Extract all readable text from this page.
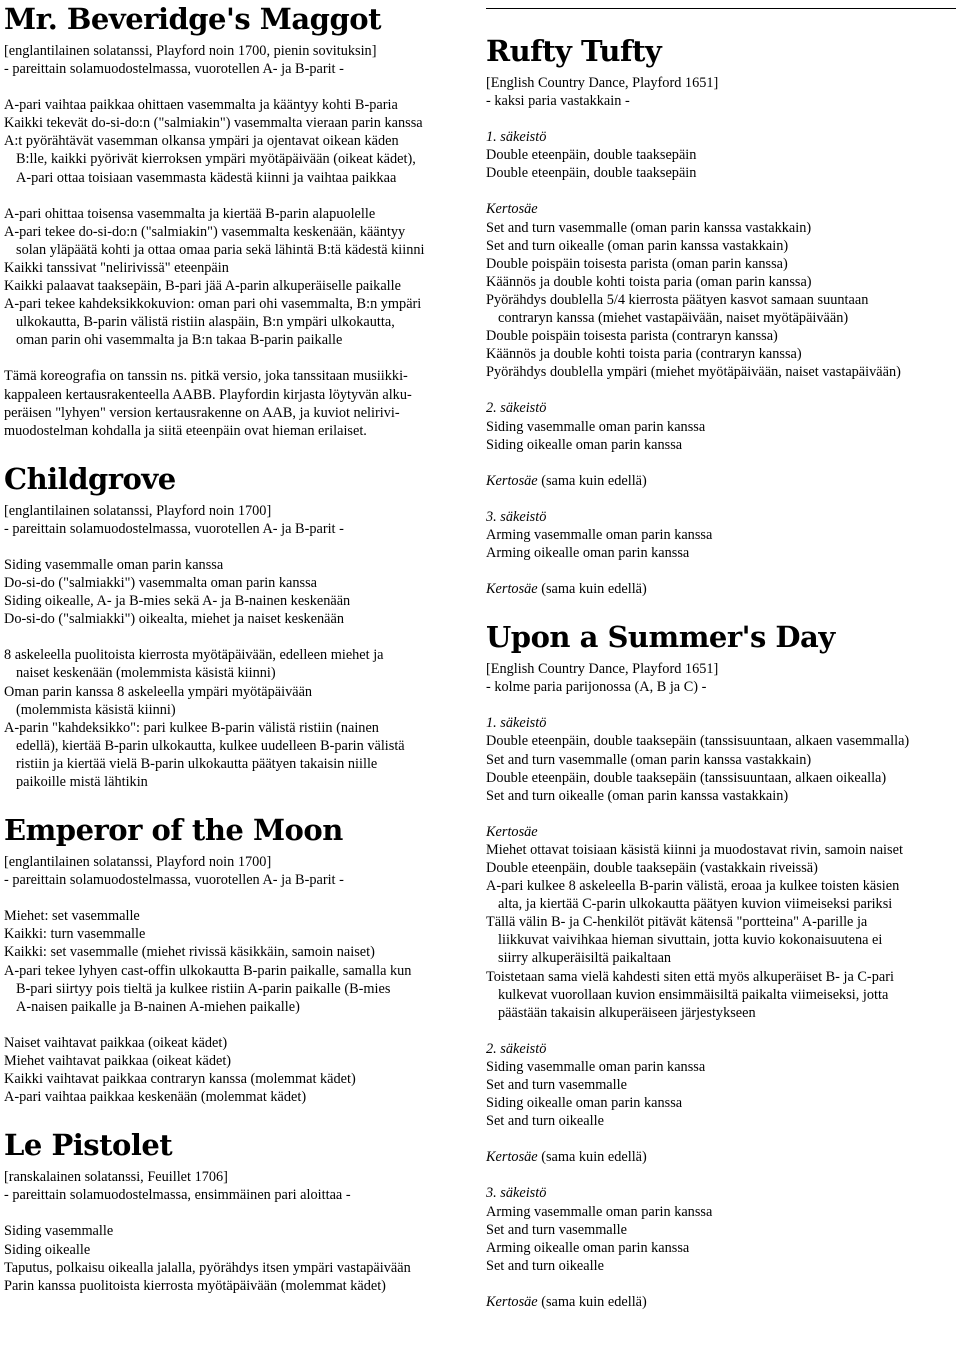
Mr. Beveridge's Maggot
[englantilainen solatanssi, Playford noin 1700, pienin sovituksin]
- pareittain solamuodostelmassa, vuorotellen A- ja B-parit -
A-pari vaihtaa paikkaa ohittaen vasemmalta ja kääntyy kohti B-paria
Kaikki tekevät do-si-do:n ("salmiakin") vasemmalta vieraan parin kanssa
A:t pyörähtävät vasemman olkansa ympäri ja ojentavat oikean käden
B:lle, kaikki pyörivät kierroksen ympäri myötäpäivään (oikeat kädet),
A-pari ottaa toisiaan vasemmasta kädestä kiinni ja vaihtaa paikkaa
A-pari ohittaa toisensa vasemmalta ja kiertää B-parin alapuolelle
A-pari tekee do-si-do:n ("salmiakin") vasemmalta keskenään, kääntyy
solan yläpäätä kohti ja ottaa omaa paria sekä lähintä B:tä kädestä kiinni
Kaikki tanssivat "nelirivissä" eteenpäin
Kaikki palaavat taaksepäin, B-pari jää A-parin alkuperäiselle paikalle
A-pari tekee kahdeksikkokuvion: oman pari ohi vasemmalta, B:n ympäri
ulkokautta, B-parin välistä ristiin alaspäin, B:n ympäri ulkokautta,
oman parin ohi vasemmalta ja B:n takaa B-parin paikalle
Tämä koreografia on tanssin ns. pitkä versio, joka tanssitaan musiikki-
kappaleen kertausrakenteella AABB. Playfordin kirjasta löytyvän alku-
peräisen "lyhyen" version kertausrakenne on AAB, ja kuviot nelirivi-
muodostelman kohdalla ja siitä eteenpäin ovat hieman erilaiset.
Childgrove
[englantilainen solatanssi, Playford noin 1700]
- pareittain solamuodostelmassa, vuorotellen A- ja B-parit -
Siding vasemmalle oman parin kanssa
Do-si-do ("salmiakki") vasemmalta oman parin kanssa
Siding oikealle, A- ja B-mies sekä A- ja B-nainen keskenään
Do-si-do ("salmiakki") oikealta, miehet ja naiset keskenään
8 askeleella puolitoista kierrosta myötäpäivään, edelleen miehet ja
naiset keskenään (molemmista käsistä kiinni)
Oman parin kanssa 8 askeleella ympäri myötäpäivään
(molemmista käsistä kiinni)
A-parin "kahdeksikko": pari kulkee B-parin välistä ristiin (nainen
edellä), kiertää B-parin ulkokautta, kulkee uudelleen B-parin välistä
ristiin ja kiertää vielä B-parin ulkokautta päätyen takaisin niille
paikoille mistä lähtikin
Emperor of the Moon
[englantilainen solatanssi, Playford noin 1700]
- pareittain solamuodostelmassa, vuorotellen A- ja B-parit -
Miehet: set vasemmalle
Kaikki: turn vasemmalle
Kaikki: set vasemmalle (miehet rivissä käsikkäin, samoin naiset)
A-pari tekee lyhyen cast-offin ulkokautta B-parin paikalle, samalla kun
B-pari siirtyy pois tieltä ja kulkee ristiin A-parin paikalle (B-mies
A-naisen paikalle ja B-nainen A-miehen paikalle)
Naiset vaihtavat paikkaa (oikeat kädet)
Miehet vaihtavat paikkaa (oikeat kädet)
Kaikki vaihtavat paikkaa contraryn kanssa (molemmat kädet)
A-pari vaihtaa paikkaa keskenään (molemmat kädet)
Le Pistolet
[ranskalainen solatanssi, Feuillet 1706]
- pareittain solamuodostelmassa, ensimmäinen pari aloittaa -
Siding vasemmalle
Siding oikealle
Taputus, polkaisu oikealla jalalla, pyörähdys itsen ympäri vastapäivään
Parin kanssa puolitoista kierrosta myötäpäivään (molemmat kädet)
Rufty Tufty
[English Country Dance, Playford 1651]
- kaksi paria vastakkain -
1. säkeistö
Double eteenpäin, double taaksepäin
Double eteenpäin, double taaksepäin
Kertosäe
Set and turn vasemmalle (oman parin kanssa vastakkain)
Set and turn oikealle (oman parin kanssa vastakkain)
Double poispäin toisesta parista (oman parin kanssa)
Käännös ja double kohti toista paria (oman parin kanssa)
Pyörähdys doublella 5/4 kierrosta päätyen kasvot samaan suuntaan
contraryn kanssa (miehet vastapäivään, naiset myötäpäivään)
Double poispäin toisesta parista (contraryn kanssa)
Käännös ja double kohti toista paria (contraryn kanssa)
Pyörähdys doublella ympäri (miehet myötäpäivään, naiset vastapäivään)
2. säkeistö
Siding vasemmalle oman parin kanssa
Siding oikealle oman parin kanssa
Kertosäe (sama kuin edellä)
3. säkeistö
Arming vasemmalle oman parin kanssa
Arming oikealle oman parin kanssa
Kertosäe (sama kuin edellä)
Upon a Summer's Day
[English Country Dance, Playford 1651]
- kolme paria parijonossa (A, B ja C) -
1. säkeistö
Double eteenpäin, double taaksepäin (tanssisuuntaan, alkaen vasemmalla)
Set and turn vasemmalle (oman parin kanssa vastakkain)
Double eteenpäin, double taaksepäin (tanssisuuntaan, alkaen oikealla)
Set and turn oikealle (oman parin kanssa vastakkain)
Kertosäe
Miehet ottavat toisiaan käsistä kiinni ja muodostavat rivin, samoin naiset
Double eteenpäin, double taaksepäin (vastakkain riveissä)
A-pari kulkee 8 askeleella B-parin välistä, eroaa ja kulkee toisten käsien
alta, ja kiertää C-parin ulkokautta päätyen kuvion viimeiseksi pariksi
Tällä välin B- ja C-henkilöt pitävät kätensä "portteina" A-parille ja
liikkuvat vaivihkaa hieman sivuttain, jotta kuvio kokonaisuutena ei
siirry alkuperäisiltä paikaltaan
Toistetaan sama vielä kahdesti siten että myös alkuperäiset B- ja C-pari
kulkevat vuorollaan kuvion ensimmäisiltä paikalta viimeiseksi, jotta
päästään takaisin alkuperäiseen järjestykseen
2. säkeistö
Siding vasemmalle oman parin kanssa
Set and turn vasemmalle
Siding oikealle oman parin kanssa
Set and turn oikealle
Kertosäe (sama kuin edellä)
3. säkeistö
Arming vasemmalle oman parin kanssa
Set and turn vasemmalle
Arming oikealle oman parin kanssa
Set and turn oikealle
Kertosäe (sama kuin edellä)
